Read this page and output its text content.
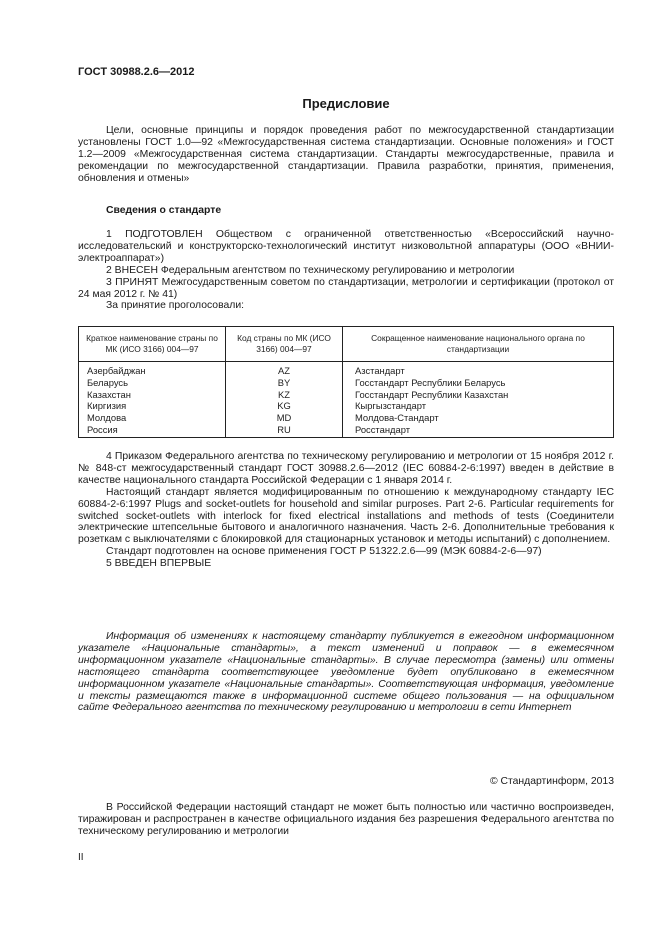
ГОСТ 30988.2.6—2012
Предисловие

Цели, основные принципы и порядок проведения работ по межгосударственной стандартизации установлены ГОСТ 1.0—92 «Межгосударственная система стандартизации. Основные положения» и ГОСТ 1.2—2009 «Межгосударственная система стандартизации. Стандарты межгосударственные, правила и рекомендации по межгосударственной стандартизации. Правила разработки, принятия, применения, обновления и отмены»

Сведения о стандарте

1 ПОДГОТОВЛЕН Обществом с ограниченной ответственностью «Всероссийский научно-исследовательский и конструкторско-технологический институт низковольтной аппаратуры (ООО «ВНИИ-электроаппарат»)

2 ВНЕСЕН Федеральным агентством по техническому регулированию и метрологии

3 ПРИНЯТ Межгосударственным советом по стандартизации, метрологии и сертификации (протокол от 24 мая 2012 г. № 41)

За принятие проголосовали:

Краткое наименование страны по МК (ИСО 3166) 004—97	Код страны по МК (ИСО 3166) 004—97	Сокращенное наименование национального органа по стандартизации
Азербайджан	AZ	Азстандарт
Беларусь	BY	Госстандарт Республики Беларусь
Казахстан	KZ	Госстандарт Республики Казахстан
Киргизия	KG	Кыргызстандарт
Молдова	MD	Молдова-Стандарт
Россия	RU	Росстандарт

4 Приказом Федерального агентства по техническому регулированию и метрологии от 15 ноября 2012 г. № 848-ст межгосударственный стандарт ГОСТ 30988.2.6—2012 (IEC 60884-2-6:1997) введен в действие в качестве национального стандарта Российской Федерации с 1 января 2014 г.

Настоящий стандарт является модифицированным по отношению к международному стандарту IEC 60884-2-6:1997 Plugs and socket-outlets for household and similar purposes. Part 2-6. Particular requirements for switched socket-outlets with interlock for fixed electrical installations and methods of tests (Соединители электрические штепсельные бытового и аналогичного назначения. Часть 2-6. Дополнительные требования к розеткам с выключателями с блокировкой для стационарных установок и методы испытаний) с дополнением.

Стандарт подготовлен на основе применения ГОСТ Р 51322.2.6—99 (МЭК 60884-2-6—97)

5 ВВЕДЕН ВПЕРВЫЕ

Информация об изменениях к настоящему стандарту публикуется в ежегодном информационном указателе «Национальные стандарты», а текст изменений и поправок — в ежемесячном информационном указателе «Национальные стандарты». В случае пересмотра (замены) или отмены настоящего стандарта соответствующее уведомление будет опубликовано в ежемесячном информационном указателе «Национальные стандарты». Соответствующая информация, уведомление и тексты размещаются также в информационной системе общего пользования — на официальном сайте Федерального агентства по техническому регулированию и метрологии в сети Интернет

© Стандартинформ, 2013

В Российской Федерации настоящий стандарт не может быть полностью или частично воспроизведен, тиражирован и распространен в качестве официального издания без разрешения Федерального агентства по техническому регулированию и метрологии

II
